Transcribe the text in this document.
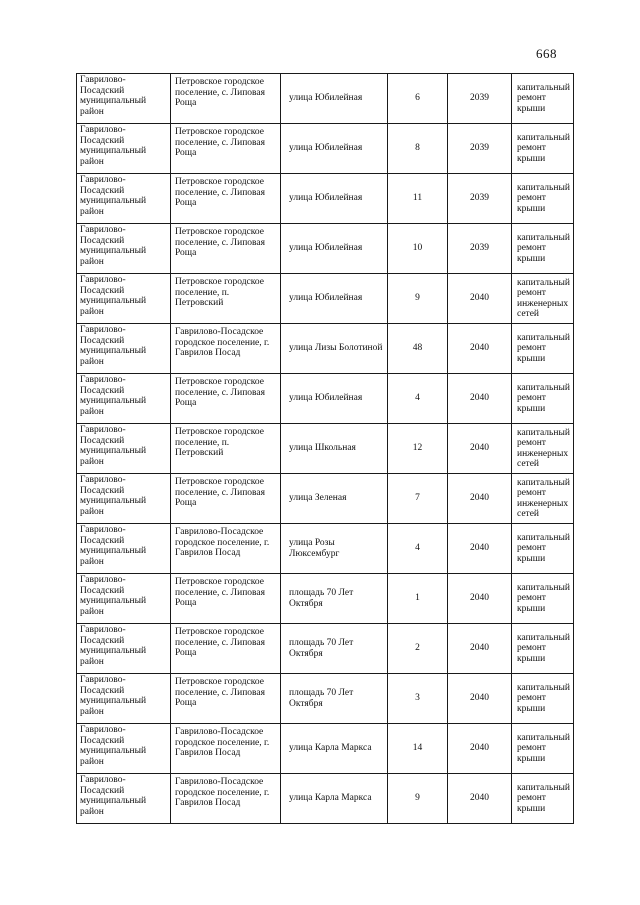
668
Гаврилово-Посадский муниципальный район	Петровское городское поселение, с. Липовая Роща	улица Юбилейная	6	2039	капитальный ремонт крыши
Гаврилово-Посадский муниципальный район	Петровское городское поселение, с. Липовая Роща	улица Юбилейная	8	2039	капитальный ремонт крыши
Гаврилово-Посадский муниципальный район	Петровское городское поселение, с. Липовая Роща	улица Юбилейная	11	2039	капитальный ремонт крыши
Гаврилово-Посадский муниципальный район	Петровское городское поселение, с. Липовая Роща	улица Юбилейная	10	2039	капитальный ремонт крыши
Гаврилово-Посадский муниципальный район	Петровское городское поселение, п. Петровский	улица Юбилейная	9	2040	капитальный ремонт инженерных сетей
Гаврилово-Посадский муниципальный район	Гаврилово-Посадское городское поселение, г. Гаврилов Посад	улица Лизы Болотиной	48	2040	капитальный ремонт крыши
Гаврилово-Посадский муниципальный район	Петровское городское поселение, с. Липовая Роща	улица Юбилейная	4	2040	капитальный ремонт крыши
Гаврилово-Посадский муниципальный район	Петровское городское поселение, п. Петровский	улица Школьная	12	2040	капитальный ремонт инженерных сетей
Гаврилово-Посадский муниципальный район	Петровское городское поселение, с. Липовая Роща	улица Зеленая	7	2040	капитальный ремонт инженерных сетей
Гаврилово-Посадский муниципальный район	Гаврилово-Посадское городское поселение, г. Гаврилов Посад	улица Розы Люксембург	4	2040	капитальный ремонт крыши
Гаврилово-Посадский муниципальный район	Петровское городское поселение, с. Липовая Роща	площадь 70 Лет Октября	1	2040	капитальный ремонт крыши
Гаврилово-Посадский муниципальный район	Петровское городское поселение, с. Липовая Роща	площадь 70 Лет Октября	2	2040	капитальный ремонт крыши
Гаврилово-Посадский муниципальный район	Петровское городское поселение, с. Липовая Роща	площадь 70 Лет Октября	3	2040	капитальный ремонт крыши
Гаврилово-Посадский муниципальный район	Гаврилово-Посадское городское поселение, г. Гаврилов Посад	улица Карла Маркса	14	2040	капитальный ремонт крыши
Гаврилово-Посадский муниципальный район	Гаврилово-Посадское городское поселение, г. Гаврилов Посад	улица Карла Маркса	9	2040	капитальный ремонт крыши
